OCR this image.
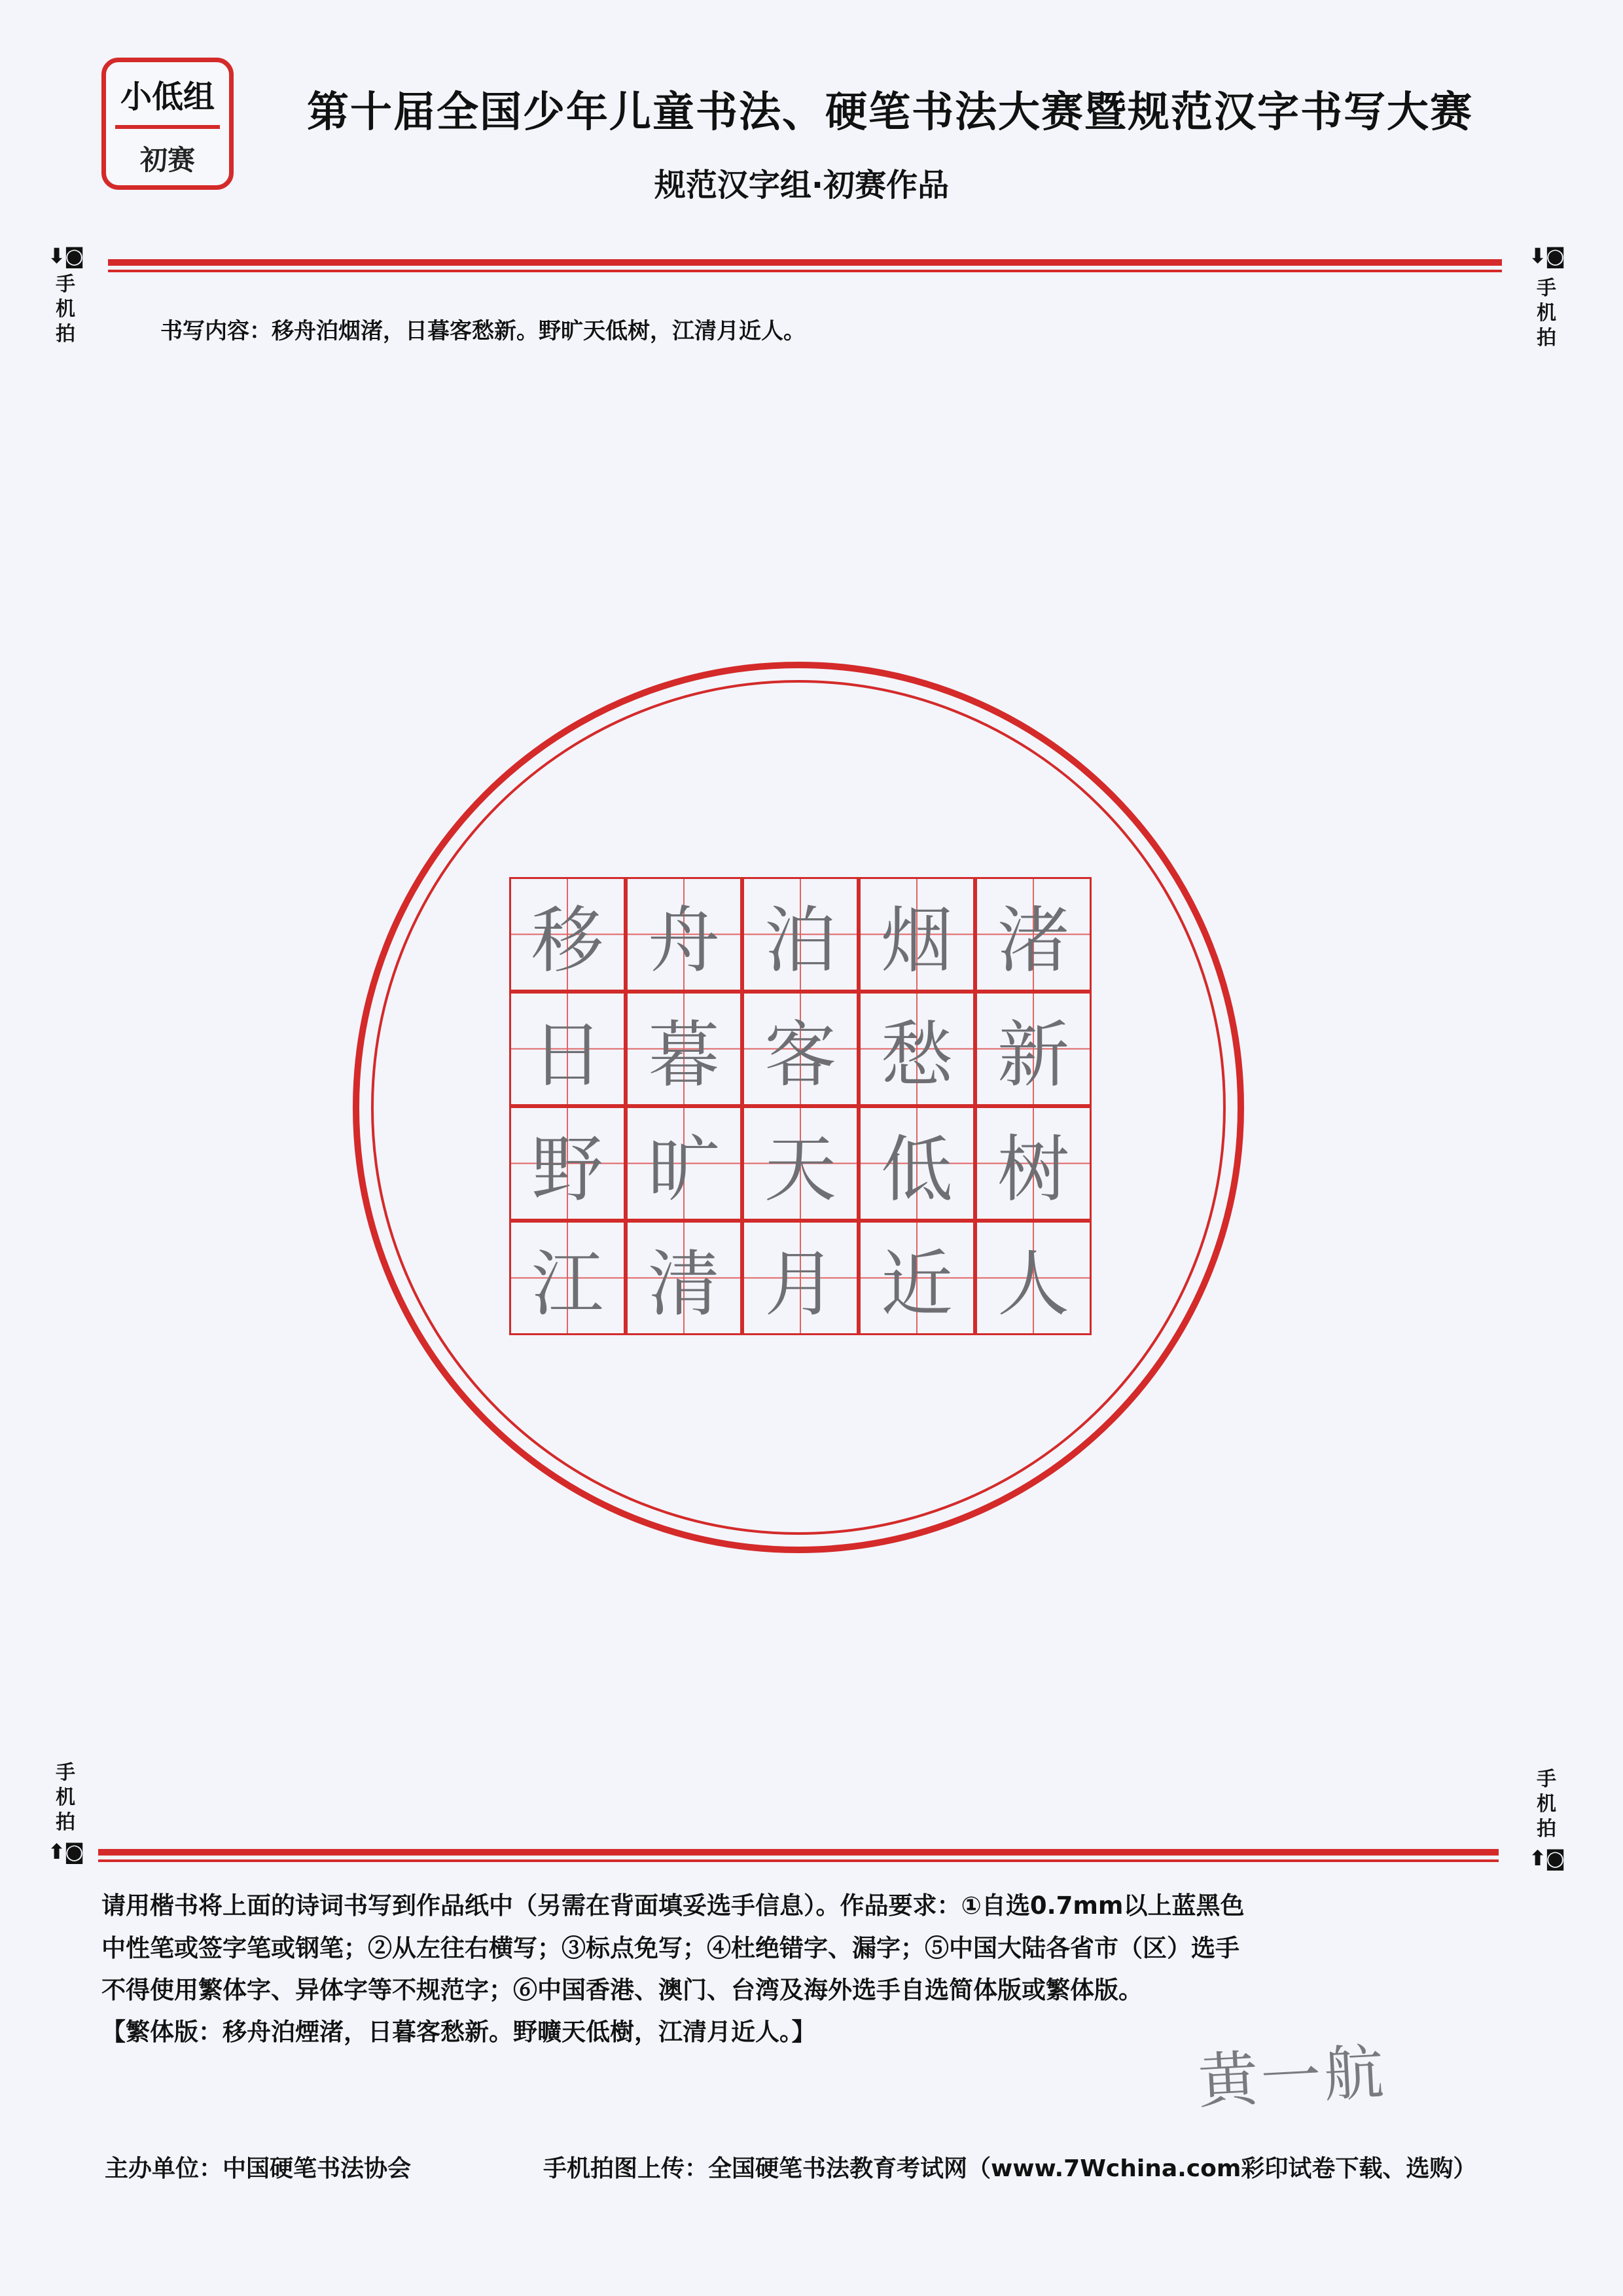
小低组
初赛
第十届全国少年儿童书法、硬笔书法大赛暨规范汉字书写大赛
规范汉字组·初赛作品
⬇◙
手机拍
⬇◙
手机拍
书写内容：移舟泊烟渚，日暮客愁新。野旷天低树，江清月近人。
移 舟 泊 烟 渚
日 暮 客 愁 新
野 旷 天 低 树
江 清 月 近 人
手机拍
⬆◙
手机拍
⬆◙
请用楷书将上面的诗词书写到作品纸中（另需在背面填妥选手信息）。作品要求：①自选0.7mm以上蓝黑色
中性笔或签字笔或钢笔；②从左往右横写；③标点免写；④杜绝错字、漏字；⑤中国大陆各省市（区）选手
不得使用繁体字、异体字等不规范字；⑥中国香港、澳门、台湾及海外选手自选简体版或繁体版。
【繁体版：移舟泊煙渚，日暮客愁新。野曠天低樹，江清月近人。】
黄一航
主办单位：中国硬笔书法协会	手机拍图上传：全国硬笔书法教育考试网（www.7Wchina.com彩印试卷下载、选购）
